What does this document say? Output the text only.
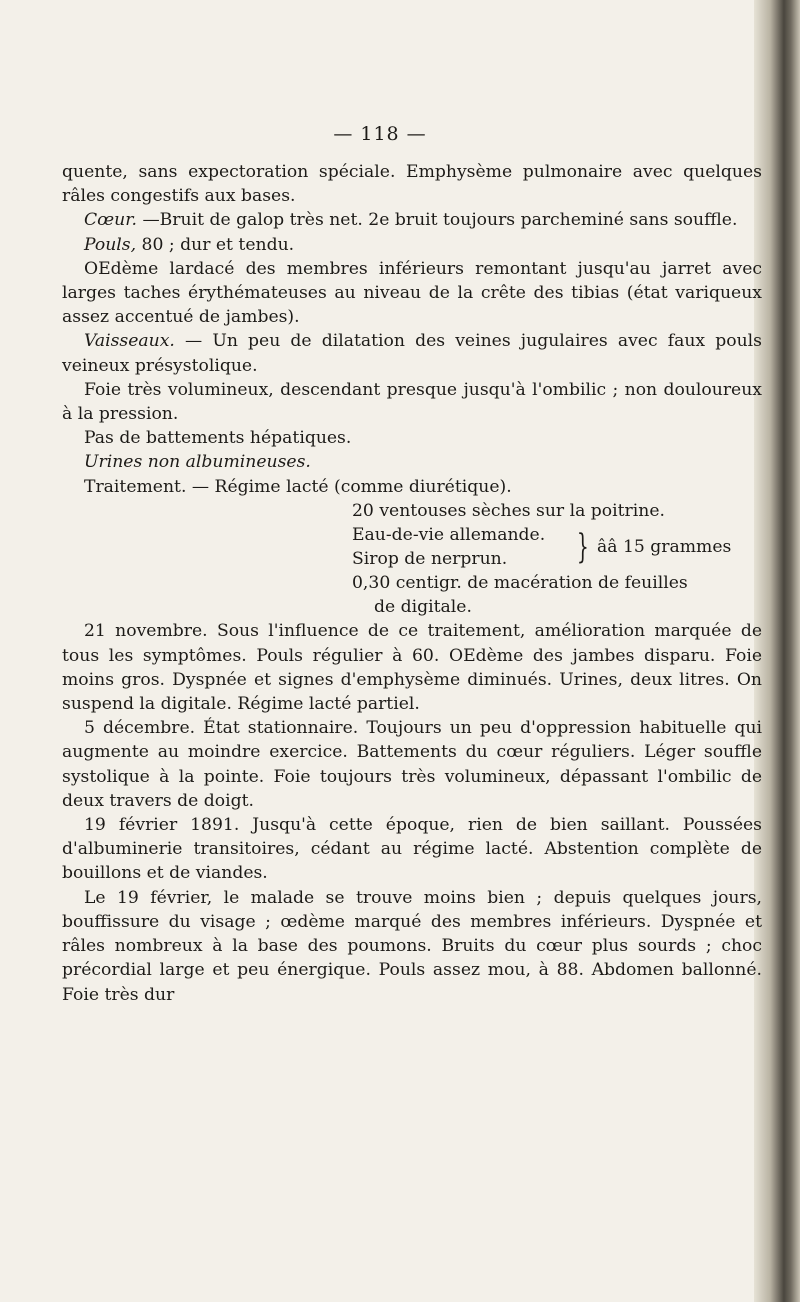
— 118 —

quente, sans expectoration spéciale. Emphysème pulmonaire avec quelques râles congestifs aux bases.

Cœur. —Bruit de galop très net. 2e bruit toujours parcheminé sans souffle.

Pouls, 80 ; dur et tendu.

OEdème lardacé des membres inférieurs remontant jusqu'au jarret avec larges taches érythémateuses au niveau de la crête des tibias (état variqueux assez accentué de jambes).

Vaisseaux. — Un peu de dilatation des veines jugulaires avec faux pouls veineux présystolique.

Foie très volumineux, descendant presque jusqu'à l'ombilic ; non douloureux à la pression.

Pas de battements hépatiques.

Urines non albumineuses.

Traitement. — Régime lacté (comme diurétique).

20 ventouses sèches sur la poitrine.

Eau-de-vie allemande.
Sirop de nerprun. } ââ 15 grammes

0,30 centigr. de macération de feuilles

de digitale.

21 novembre. Sous l'influence de ce traitement, amélioration marquée de tous les symptômes. Pouls régulier à 60. OEdème des jambes disparu. Foie moins gros. Dyspnée et signes d'emphysème diminués. Urines, deux litres. On suspend la digitale. Régime lacté partiel.

5 décembre. État stationnaire. Toujours un peu d'oppression habituelle qui augmente au moindre exercice. Battements du cœur réguliers. Léger souffle systolique à la pointe. Foie toujours très volumineux, dépassant l'ombilic de deux travers de doigt.

19 février 1891. Jusqu'à cette époque, rien de bien saillant. Poussées d'albuminerie transitoires, cédant au régime lacté. Abstention complète de bouillons et de viandes.

Le 19 février, le malade se trouve moins bien ; depuis quelques jours, bouffissure du visage ; œdème marqué des membres inférieurs. Dyspnée et râles nombreux à la base des poumons. Bruits du cœur plus sourds ; choc précordial large et peu énergique. Pouls assez mou, à 88. Abdomen ballonné. Foie très dur
